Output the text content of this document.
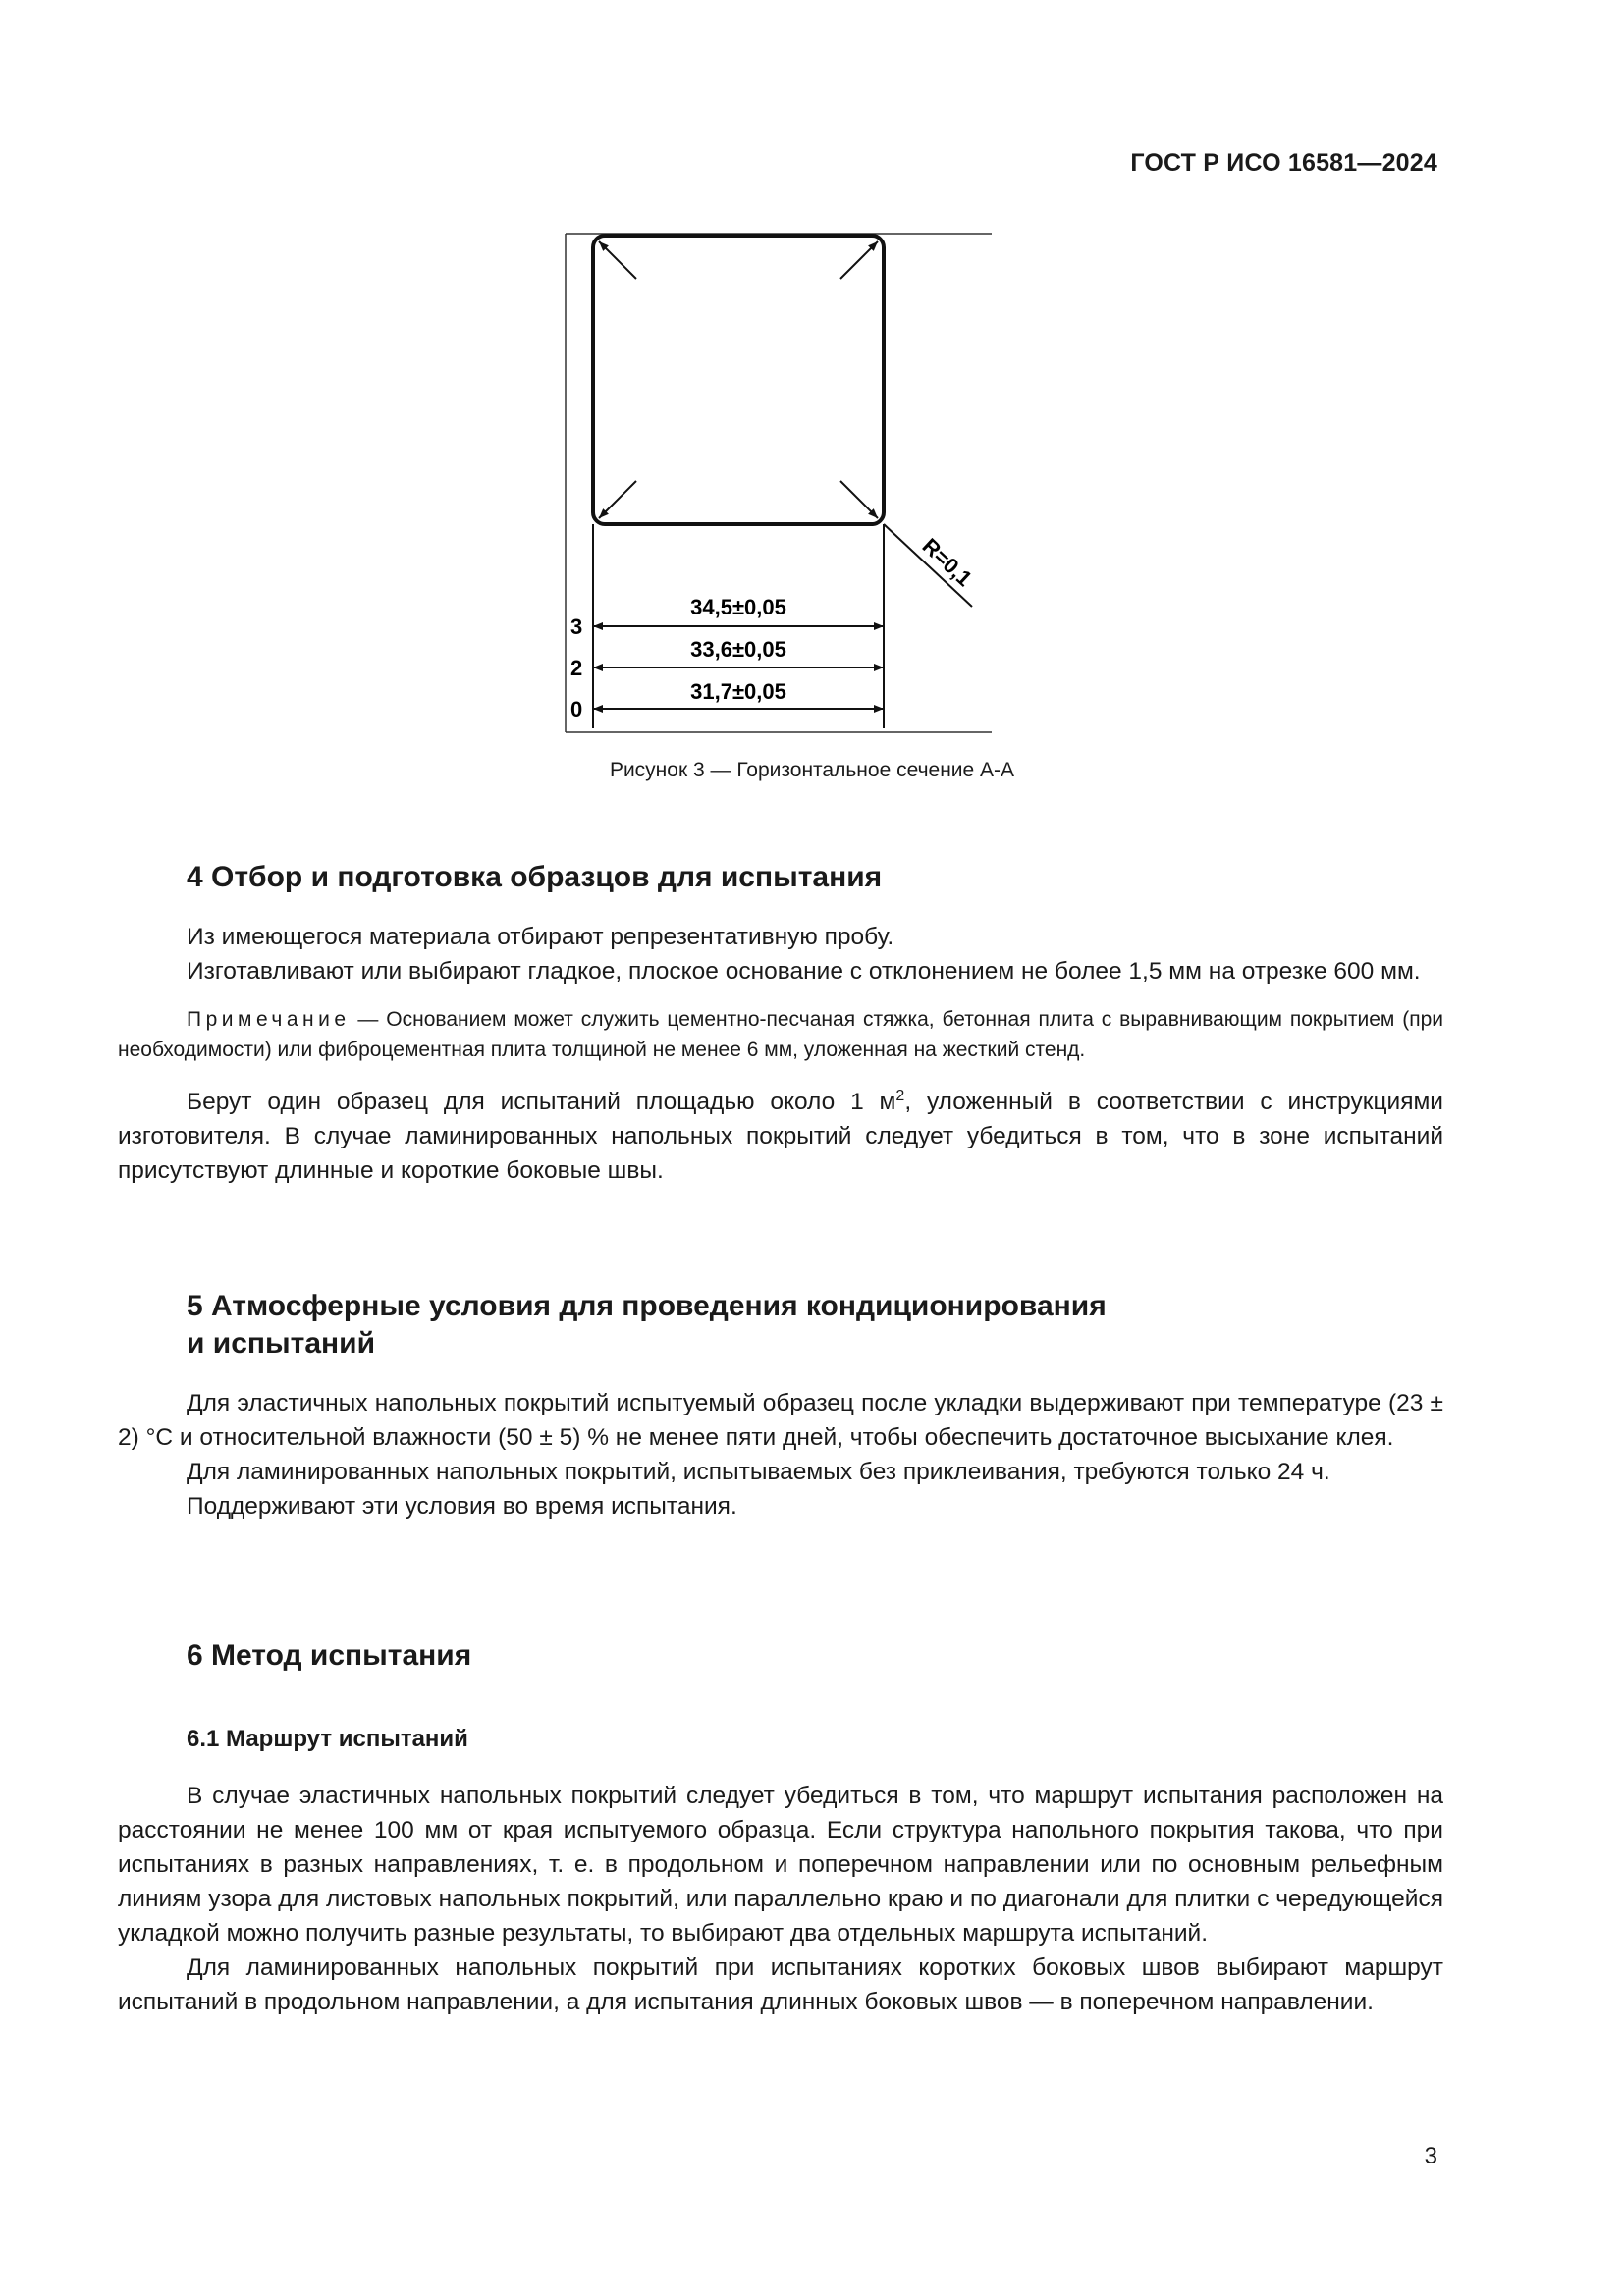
ГОСТ Р ИСО 16581—2024
R=0,1
34,5±0,05
33,6±0,05
31,7±0,05
3
2
0
Рисунок 3 — Горизонтальное сечение А-А
4 Отбор и подготовка образцов для испытания

Из имеющегося материала отбирают репрезентативную пробу.

Изготавливают или выбирают гладкое, плоское основание с отклонением не более 1,5 мм на отрезке 600 мм.

Примечание — Основанием может служить цементно-песчаная стяжка, бетонная плита с выравнивающим покрытием (при необходимости) или фиброцементная плита толщиной не менее 6 мм, уложенная на жесткий стенд.

Берут один образец для испытаний площадью около 1 $м^2$, уложенный в соответствии с инструкциями изготовителя. В случае ламинированных напольных покрытий следует убедиться в том, что в зоне испытаний присутствуют длинные и короткие боковые швы.

5 Атмосферные условия для проведения кондиционирования
и испытаний

Для эластичных напольных покрытий испытуемый образец после укладки выдерживают при температуре (23 ± 2) °С и относительной влажности (50 ± 5) % не менее пяти дней, чтобы обеспечить достаточное высыхание клея.

Для ламинированных напольных покрытий, испытываемых без приклеивания, требуются только 24 ч.

Поддерживают эти условия во время испытания.

6 Метод испытания
6.1 Маршрут испытаний

В случае эластичных напольных покрытий следует убедиться в том, что маршрут испытания расположен на расстоянии не менее 100 мм от края испытуемого образца. Если структура напольного покрытия такова, что при испытаниях в разных направлениях, т. е. в продольном и поперечном направлении или по основным рельефным линиям узора для листовых напольных покрытий, или параллельно краю и по диагонали для плитки с чередующейся укладкой можно получить разные результаты, то выбирают два отдельных маршрута испытаний.

Для ламинированных напольных покрытий при испытаниях коротких боковых швов выбирают маршрут испытаний в продольном направлении, а для испытания длинных боковых швов — в поперечном направлении.

3
